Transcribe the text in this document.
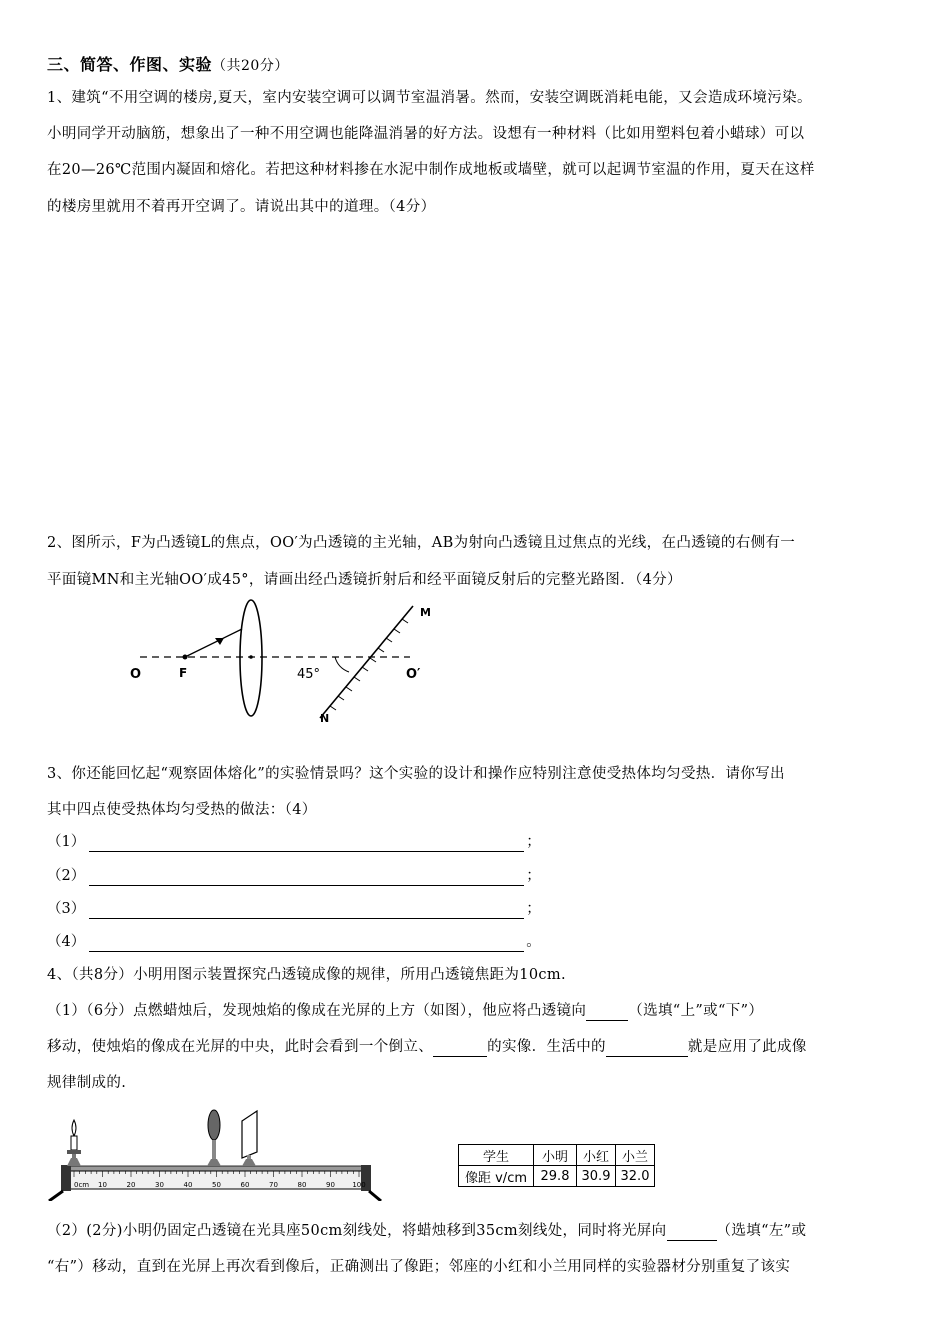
三、简答、作图、实验（共20分）
1、建筑“不用空调的楼房,夏天，室内安装空调可以调节室温消暑。然而，安装空调既消耗电能，又会造成环境污染。
小明同学开动脑筋，想象出了一种不用空调也能降温消暑的好方法。设想有一种材料（比如用塑料包着小蜡球）可以
在20—26℃范围内凝固和熔化。若把这种材料掺在水泥中制作成地板或墙壁，就可以起调节室温的作用，夏天在这样
的楼房里就用不着再开空调了。请说出其中的道理。（4分）
2、图所示，F为凸透镜L的焦点，OO′为凸透镜的主光轴，AB为射向凸透镜且过焦点的光线，在凸透镜的右侧有一
平面镜MN和主光轴OO′成45°，请画出经凸透镜折射后和经平面镜反射后的完整光路图．（4分）
O	F	45°	O′
M
N
3、你还能回忆起“观察固体熔化”的实验情景吗？这个实验的设计和操作应特别注意使受热体均匀受热．请你写出
其中四点使受热体均匀受热的做法：（4）
（1）	；
（2）	；
（3）	；
（4）	。
4、（共8分）小明用图示装置探究凸透镜成像的规律，所用凸透镜焦距为10cm.
（1）（6分）点燃蜡烛后，发现烛焰的像成在光屏的上方（如图），他应将凸透镜向	（选填“上”或“下”）
移动，使烛焰的像成在光屏的中央，此时会看到一个倒立、	的实像．生活中的	就是应用了此成像
规律制成的.
0cm 10	20	30	40	50	60	70	80	90 100
学生	小明	小红	小兰
像距 v/cm	29.8	30.9	32.0
（2）(2分)小明仍固定凸透镜在光具座50cm刻线处，将蜡烛移到35cm刻线处，同时将光屏向	（选填“左”或
“右”）移动，直到在光屏上再次看到像后，正确测出了像距；邻座的小红和小兰用同样的实验器材分别重复了该实
